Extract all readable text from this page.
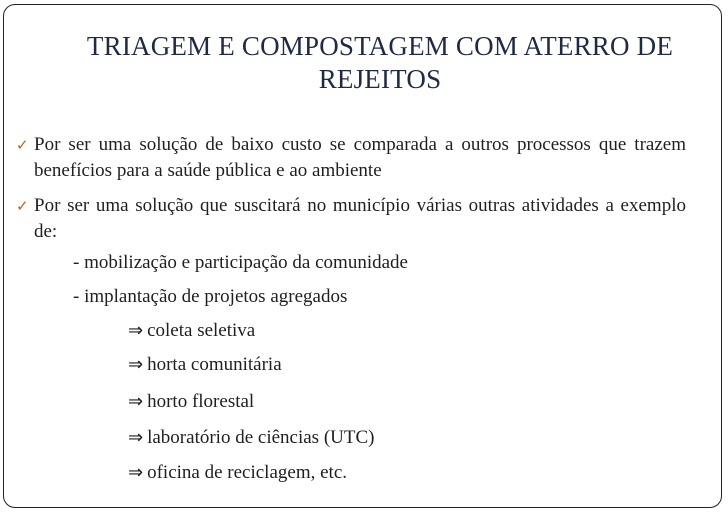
TRIAGEM E COMPOSTAGEM COM ATERRO DE REJEITOS
✓ Por ser uma solução de baixo custo se comparada a outros processos que trazem benefícios para a saúde pública e ao ambiente
✓ Por ser uma solução que suscitará no município várias outras atividades a exemplo de:
- mobilização e participação da comunidade
- implantação de projetos agregados
⇒ coleta seletiva
⇒ horta comunitária
⇒ horto florestal
⇒ laboratório de ciências (UTC)
⇒ oficina de reciclagem, etc.
